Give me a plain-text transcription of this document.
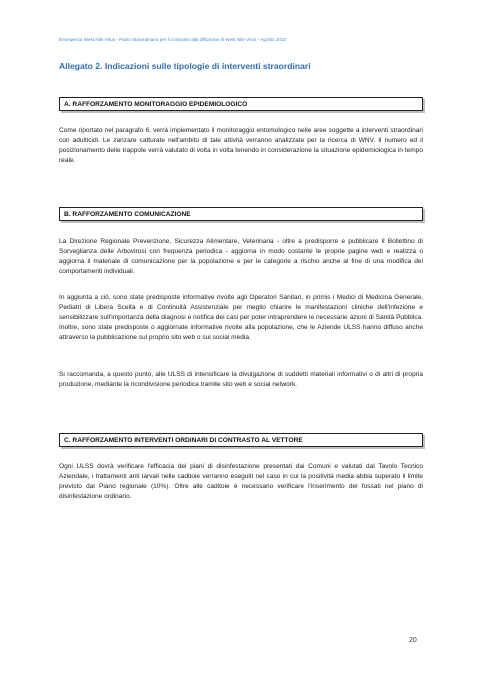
Emergenza West Nile Virus - Piano Straordinario per il contrasto alla diffusione di West Nile Virus - Agosto 2022
Allegato 2. Indicazioni sulle tipologie di interventi straordinari
A. RAFFORZAMENTO MONITORAGGIO EPIDEMIOLOGICO

Come riportato nel paragrafo 6. verrà implementato il monitoraggio entomologico nelle aree soggette a interventi straordinari con adulticidi. Le zanzare catturate nell'ambito di tale attività verranno analizzate per la ricerca di WNV. Il numero ed il posizionamento delle trappole verrà valutato di volta in volta tenendo in considerazione la situazione epidemiologica in tempo reale.

B. RAFFORZAMENTO COMUNICAZIONE

La Direzione Regionale Prevenzione, Sicurezza Alimentare, Veterinaria - oltre a predisporre e pubblicare il Bollettino di Sorveglianza delle Arbovirosi con frequenza periodica - aggiorna in modo costante le proprie pagine web e realizza o aggiorna il materiale di comunicazione per la popolazione e per le categorie a rischio anche al fine di una modifica dei comportamenti individuali.

In aggiunta a ciò, sono state predisposte informative rivolte agli Operatori Sanitari, in primis i Medici di Medicina Generale, Pediatri di Libera Scelta e di Continuità Assistenziale per meglio chiarire le manifestazioni cliniche dell'infezione e sensibilizzare sull'importanza della diagnosi e notifica dei casi per poter intraprendere le necessarie azioni di Sanità Pubblica. Inoltre, sono state predisposte o aggiornate informative rivolte alla popolazione, che le Aziende ULSS hanno diffuso anche attraverso la pubblicazione sul proprio sito web o sui social media.

Si raccomanda, a questo punto, alle ULSS di intensificare la divulgazione di suddetti materiali informativi o di altri di propria produzione, mediante la ricondivisione periodica tramite sito web e social network.

C. RAFFORZAMENTO INTERVENTI ORDINARI DI CONTRASTO AL VETTORE

Ogni ULSS dovrà verificare l'efficacia dei piani di disinfestazione presentati dai Comuni e valutati dal Tavolo Tecnico Aziendale, i trattamenti anti larvali nelle caditoie verranno eseguiti nel caso in cui la positività media abbia superato il limite previsto dal Piano regionale (10%). Oltre alle caditoie è necessario verificare l'inserimento dei fossati nel piano di disinfestazione ordinario.

20
